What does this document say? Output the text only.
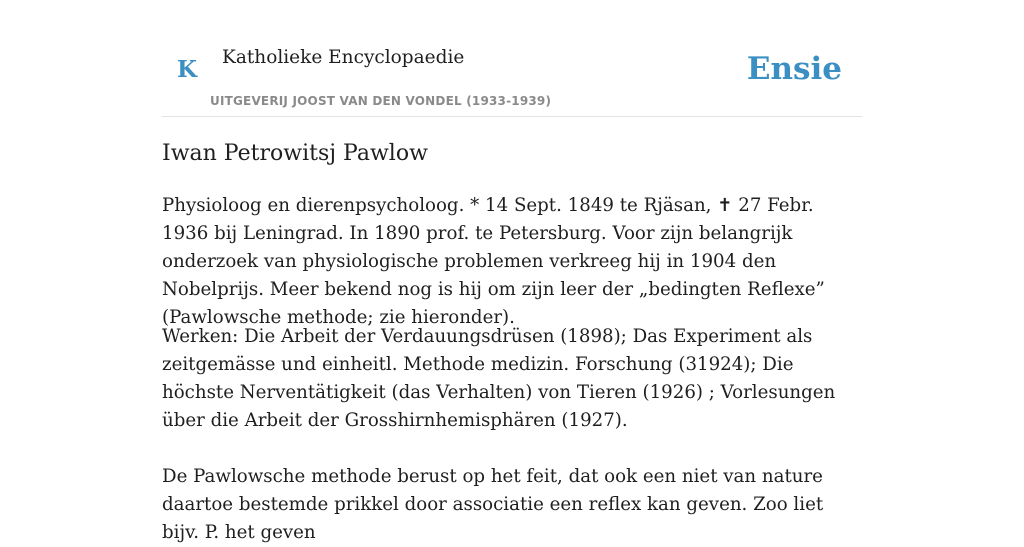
K Katholieke Encyclopaedie
UITGEVERIJ JOOST VAN DEN VONDEL (1933-1939)
Ensie
Iwan Petrowitsj Pawlow

Physioloog en dierenpsycholoog. * 14 Sept. 1849 te Rjäsan, ✝ 27 Febr. 1936 bij Leningrad. In 1890 prof. te Petersburg. Voor zijn belangrijk onderzoek van physiologische problemen verkreeg hij in 1904 den Nobelprijs. Meer bekend nog is hij om zijn leer der „bedingten Reflexe” (Pawlowsche methode; zie hieronder).

Werken: Die Arbeit der Verdauungsdrüsen (1898); Das Experiment als zeitgemässe und einheitl. Methode medizin. Forschung (31924); Die höchste Nerventätigkeit (das Verhalten) von Tieren (1926) ; Vorlesungen über die Arbeit der Grosshirnhemisphären (1927).

De Pawlowsche methode berust op het feit, dat ook een niet van nature daartoe bestemde prikkel door associatie een reflex kan geven. Zoo liet bijv. P. het geven
